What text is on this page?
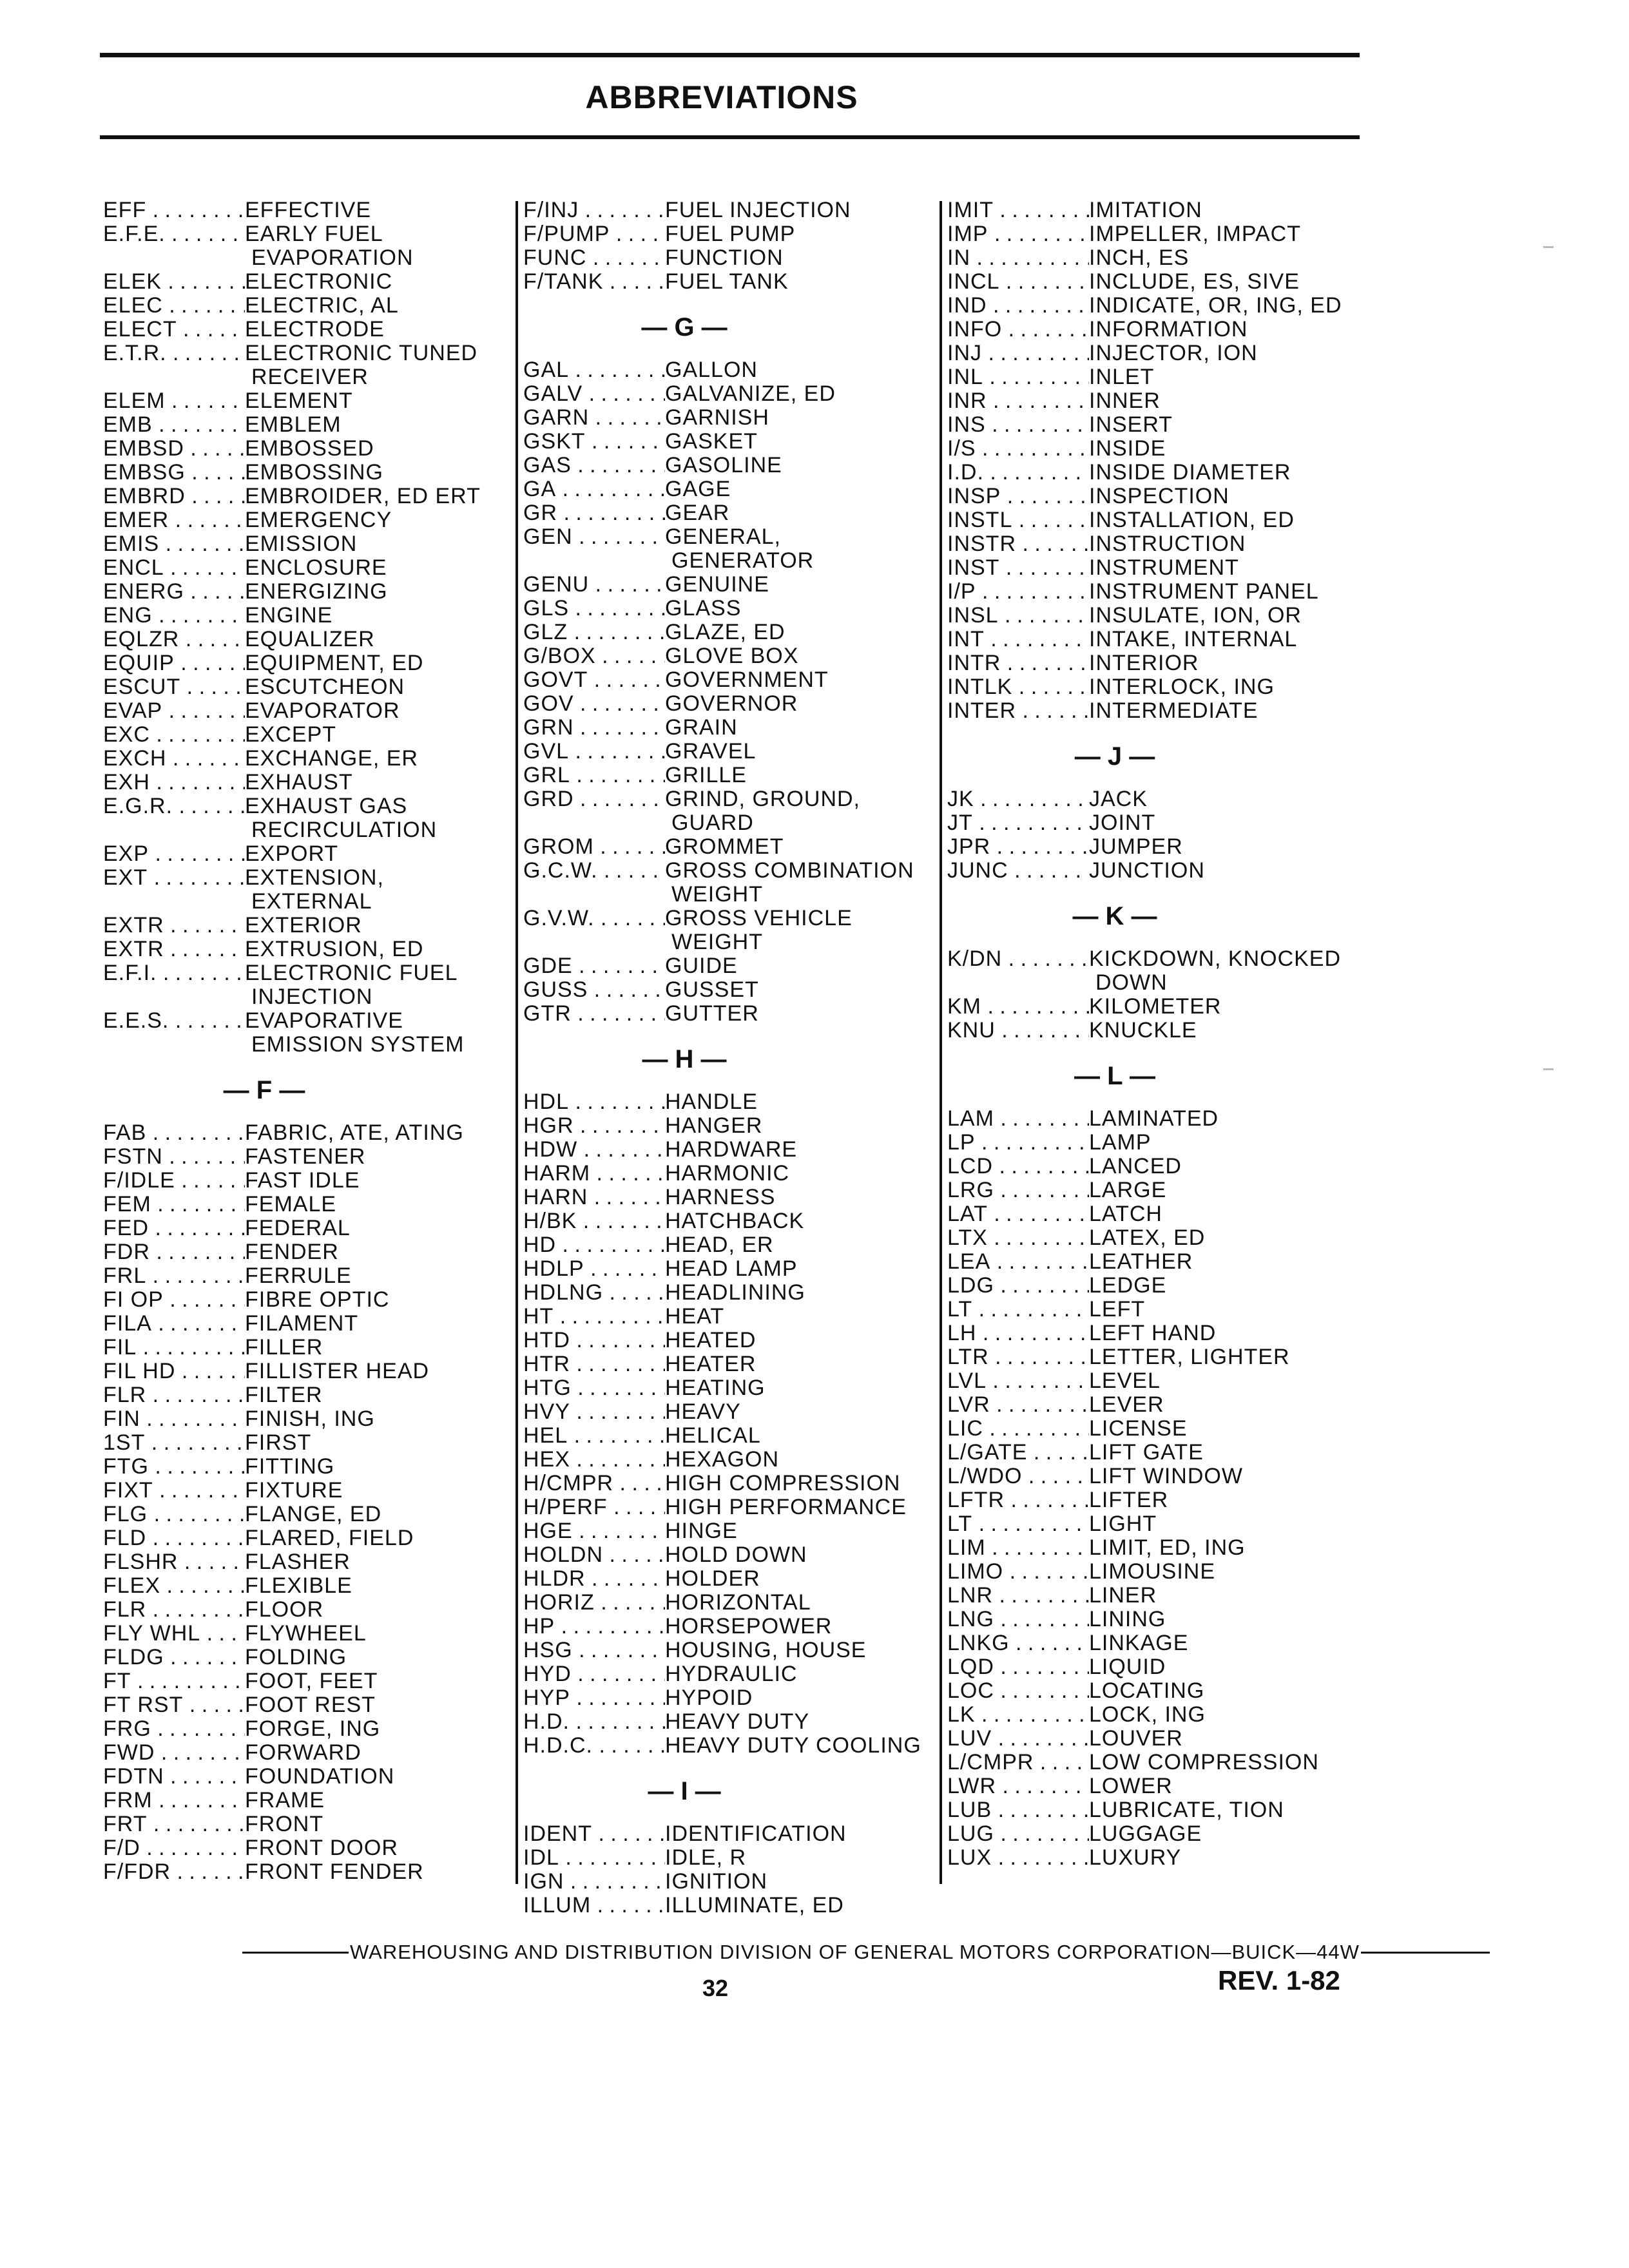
ABBREVIATIONS
EFF . . .	EFFECTIVE
E.F.E. . . .	EARLY FUEL
EVAPORATION
ELEK . . .	ELECTRONIC
ELEC . . .	ELECTRIC, AL
ELECT . . .	ELECTRODE
E.T.R. . . .	ELECTRONIC TUNED
RECEIVER
ELEM . . .	ELEMENT
EMB . . .	EMBLEM
EMBSD . . .	EMBOSSED
EMBSG . . .	EMBOSSING
EMBRD . . .	EMBROIDER, ED ERT
EMER . . .	EMERGENCY
EMIS . . .	EMISSION
ENCL . . .	ENCLOSURE
ENERG . . .	ENERGIZING
ENG . . .	ENGINE
EQLZR . . .	EQUALIZER
EQUIP . . .	EQUIPMENT, ED
ESCUT . . .	ESCUTCHEON
EVAP . . .	EVAPORATOR
EXC . . .	EXCEPT
EXCH . . .	EXCHANGE, ER
EXH . . .	EXHAUST
E.G.R. . . .	EXHAUST GAS
RECIRCULATION
EXP . . .	EXPORT
EXT . . .	EXTENSION,
EXTERNAL
EXTR . . .	EXTERIOR
EXTR . . .	EXTRUSION, ED
E.F.I. . . .	ELECTRONIC FUEL
INJECTION
E.E.S. . . .	EVAPORATIVE
EMISSION SYSTEM
— F —
FAB . . .	FABRIC, ATE, ATING
FSTN . . .	FASTENER
F/IDLE . . .	FAST IDLE
FEM . . .	FEMALE
FED . . .	FEDERAL
FDR . . .	FENDER
FRL . . .	FERRULE
FI OP . . .	FIBRE OPTIC
FILA . . .	FILAMENT
FIL . . .	FILLER
FIL HD . . .	FILLISTER HEAD
FLR . . .	FILTER
FIN . . .	FINISH, ING
1ST . . .	FIRST
FTG . . .	FITTING
FIXT . . .	FIXTURE
FLG . . .	FLANGE, ED
FLD . . .	FLARED, FIELD
FLSHR . . .	FLASHER
FLEX . . .	FLEXIBLE
FLR . . .	FLOOR
FLY WHL . . .	FLYWHEEL
FLDG . . .	FOLDING
FT . . .	FOOT, FEET
FT RST . . .	FOOT REST
FRG . . .	FORGE, ING
FWD . . .	FORWARD
FDTN . . .	FOUNDATION
FRM . . .	FRAME
FRT . . .	FRONT
F/D . . .	FRONT DOOR
F/FDR . . .	FRONT FENDER
F/INJ . . .	FUEL INJECTION
F/PUMP . . .	FUEL PUMP
FUNC . . .	FUNCTION
F/TANK . . .	FUEL TANK
— G —
GAL . . .	GALLON
GALV . . .	GALVANIZE, ED
GARN . . .	GARNISH
GSKT . . .	GASKET
GAS . . .	GASOLINE
GA . . .	GAGE
GR . . .	GEAR
GEN . . .	GENERAL,
GENERATOR
GENU . . .	GENUINE
GLS . . .	GLASS
GLZ . . .	GLAZE, ED
G/BOX . . .	GLOVE BOX
GOVT . . .	GOVERNMENT
GOV . . .	GOVERNOR
GRN . . .	GRAIN
GVL . . .	GRAVEL
GRL . . .	GRILLE
GRD . . .	GRIND, GROUND,
GUARD
GROM . . .	GROMMET
G.C.W. . . .	GROSS COMBINATION
WEIGHT
G.V.W. . . .	GROSS VEHICLE
WEIGHT
GDE . . .	GUIDE
GUSS . . .	GUSSET
GTR . . .	GUTTER
— H —
HDL . . .	HANDLE
HGR . . .	HANGER
HDW . . .	HARDWARE
HARM . . .	HARMONIC
HARN . . .	HARNESS
H/BK . . .	HATCHBACK
HD . . .	HEAD, ER
HDLP . . .	HEAD LAMP
HDLNG . . .	HEADLINING
HT . . .	HEAT
HTD . . .	HEATED
HTR . . .	HEATER
HTG . . .	HEATING
HVY . . .	HEAVY
HEL . . .	HELICAL
HEX . . .	HEXAGON
H/CMPR . . .	HIGH COMPRESSION
H/PERF . . .	HIGH PERFORMANCE
HGE . . .	HINGE
HOLDN . . .	HOLD DOWN
HLDR . . .	HOLDER
HORIZ . . .	HORIZONTAL
HP . . .	HORSEPOWER
HSG . . .	HOUSING, HOUSE
HYD . . .	HYDRAULIC
HYP . . .	HYPOID
H.D. . . .	HEAVY DUTY
H.D.C. . . .	HEAVY DUTY COOLING
— I —
IDENT . . .	IDENTIFICATION
IDL . . .	IDLE, R
IGN . . .	IGNITION
ILLUM . . .	ILLUMINATE, ED
IMIT . . .	IMITATION
IMP . . .	IMPELLER, IMPACT
IN . . .	INCH, ES
INCL . . .	INCLUDE, ES, SIVE
IND . . .	INDICATE, OR, ING, ED
INFO . . .	INFORMATION
INJ . . .	INJECTOR, ION
INL . . .	INLET
INR . . .	INNER
INS . . .	INSERT
I/S . . .	INSIDE
I.D. . . .	INSIDE DIAMETER
INSP . . .	INSPECTION
INSTL . . .	INSTALLATION, ED
INSTR . . .	INSTRUCTION
INST . . .	INSTRUMENT
I/P . . .	INSTRUMENT PANEL
INSL . . .	INSULATE, ION, OR
INT . . .	INTAKE, INTERNAL
INTR . . .	INTERIOR
INTLK . . .	INTERLOCK, ING
INTER . . .	INTERMEDIATE
— J —
JK . . .	JACK
JT . . .	JOINT
JPR . . .	JUMPER
JUNC . . .	JUNCTION
— K —
K/DN . . .	KICKDOWN, KNOCKED
DOWN
KM . . .	KILOMETER
KNU . . .	KNUCKLE
— L —
LAM . . .	LAMINATED
LP . . .	LAMP
LCD . . .	LANCED
LRG . . .	LARGE
LAT . . .	LATCH
LTX . . .	LATEX, ED
LEA . . .	LEATHER
LDG . . .	LEDGE
LT . . .	LEFT
LH . . .	LEFT HAND
LTR . . .	LETTER, LIGHTER
LVL . . .	LEVEL
LVR . . .	LEVER
LIC . . .	LICENSE
L/GATE . . .	LIFT GATE
L/WDO . . .	LIFT WINDOW
LFTR . . .	LIFTER
LT . . .	LIGHT
LIM . . .	LIMIT, ED, ING
LIMO . . .	LIMOUSINE
LNR . . .	LINER
LNG . . .	LINING
LNKG . . .	LINKAGE
LQD . . .	LIQUID
LOC . . .	LOCATING
LK . . .	LOCK, ING
LUV . . .	LOUVER
L/CMPR . . .	LOW COMPRESSION
LWR . . .	LOWER
LUB . . .	LUBRICATE, TION
LUG . . .	LUGGAGE
LUX . . .	LUXURY
WAREHOUSING AND DISTRIBUTION DIVISION OF GENERAL MOTORS CORPORATION—BUICK—44W
32	REV. 1-82
